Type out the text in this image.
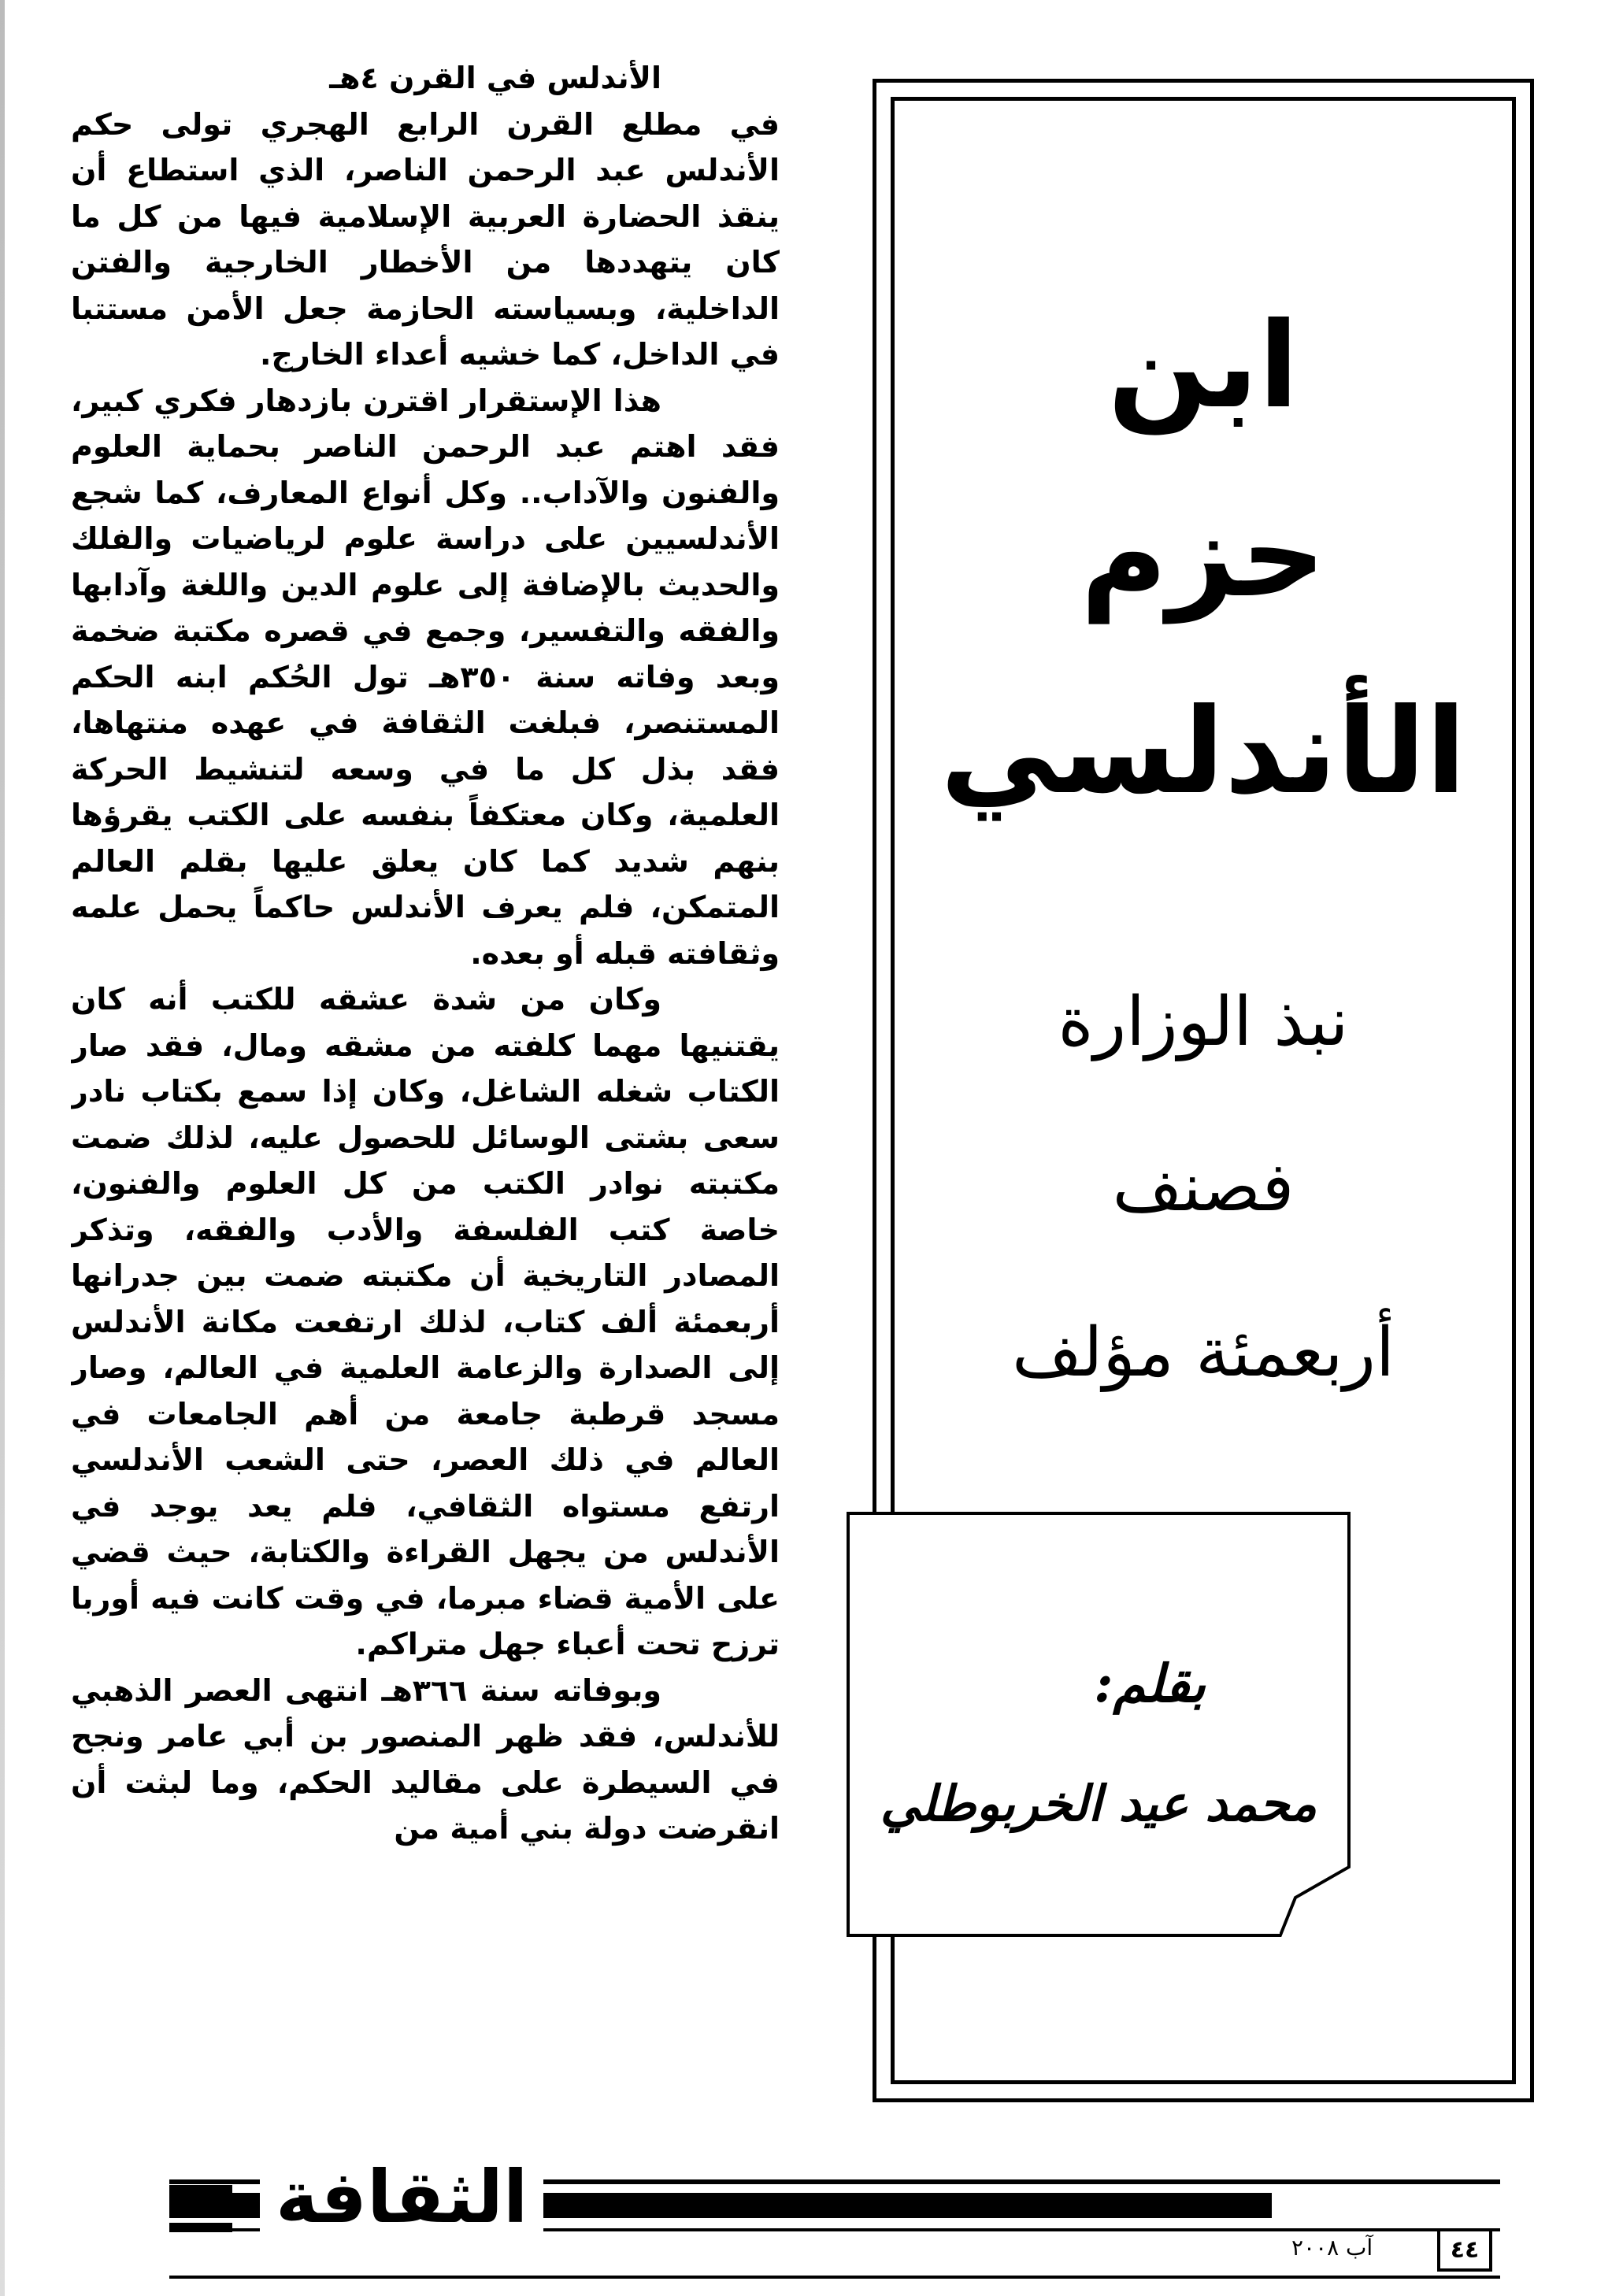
الأندلس في القرن ٤هـ

في مطلع القرن الرابع الهجري تولى حكم الأندلس عبد الرحمن الناصر، الذي استطاع أن ينقذ الحضارة العربية الإسلامية فيها من كل ما كان يتهددها من الأخطار الخارجية والفتن الداخلية، وبسياسته الحازمة جعل الأمن مستتبا في الداخل، كما خشيه أعداء الخارج.

هذا الإستقرار اقترن بازدهار فكري كبير، فقد اهتم عبد الرحمن الناصر بحماية العلوم والفنون والآداب.. وكل أنواع المعارف، كما شجع الأندلسيين على دراسة علوم لرياضيات والفلك والحديث بالإضافة إلى علوم الدين واللغة وآدابها والفقه والتفسير، وجمع في قصره مكتبة ضخمة وبعد وفاته سنة ٣٥٠هـ تول الحُكم ابنه الحكم المستنصر، فبلغت الثقافة في عهده منتهاها، فقد بذل كل ما في وسعه لتنشيط الحركة العلمية، وكان معتكفاً بنفسه على الكتب يقرؤها بنهم شديد كما كان يعلق عليها بقلم العالم المتمكن، فلم يعرف الأندلس حاكماً يحمل علمه وثقافته قبله أو بعده.

وكان من شدة عشقه للكتب أنه كان يقتنيها مهما كلفته من مشقه ومال، فقد صار الكتاب شغله الشاغل، وكان إذا سمع بكتاب نادر سعى بشتى الوسائل للحصول عليه، لذلك ضمت مكتبته نوادر الكتب من كل العلوم والفنون، خاصة كتب الفلسفة والأدب والفقه، وتذكر المصادر التاريخية أن مكتبته ضمت بين جدرانها أربعمئة ألف كتاب، لذلك ارتفعت مكانة الأندلس إلى الصدارة والزعامة العلمية في العالم، وصار مسجد قرطبة جامعة من أهم الجامعات في العالم في ذلك العصر، حتى الشعب الأندلسي ارتفع مستواه الثقافي، فلم يعد يوجد في الأندلس من يجهل القراءة والكتابة، حيث قضي على الأمية قضاء مبرما، في وقت كانت فيه أوربا ترزح تحت أعباء جهل متراكم.

وبوفاته سنة ٣٦٦هـ انتهى العصر الذهبي للأندلس، فقد ظهر المنصور بن أبي عامر ونجح في السيطرة على مقاليد الحكم، وما لبثت أن انقرضت دولة بني أمية من

ابن
حزم
الأندلسي
نبذ الوزارة
فصنف
أربعمئة مؤلف
بقلم:
محمد عيد الخربوطلي
الثقافة
آب ٢٠٠٨	٤٤
